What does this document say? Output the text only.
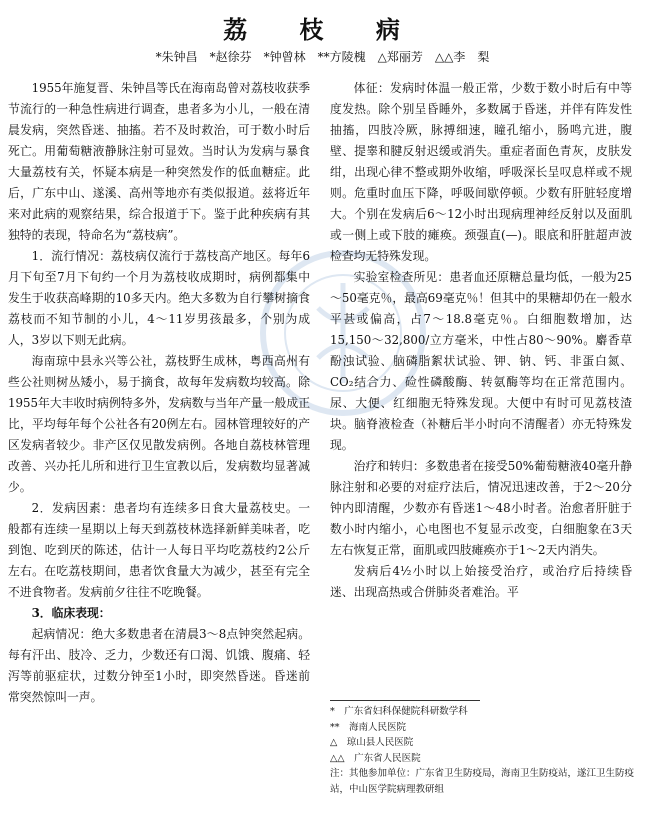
荔 枝 病
*朱钟昌　*赵徐芬　*钟曾林　**方陵槐　△郑丽芳　△△李　梨

1955年施复晋、朱钟昌等氏在海南岛曾对荔枝收获季节流行的一种急性病进行调查，患者多为小儿，一般在清晨发病，突然昏迷、抽搐。若不及时救治，可于数小时后死亡。用葡萄糖液静脉注射可显效。当时认为发病与暴食大量荔枝有关，怀疑本病是一种突然发作的低血糖症。此后，广东中山、遂溪、高州等地亦有类似报道。兹将近年来对此病的观察结果，综合报道于下。鉴于此种疾病有其独特的表现，特命名为“荔枝病”。

1．流行情况：荔枝病仅流行于荔枝高产地区。每年6月下旬至7月下旬约一个月为荔枝收成期时，病例都集中发生于收获高峰期的10多天内。绝大多数为自行攀树摘食荔枝而不知节制的小儿，4～11岁男孩最多，个别为成人，3岁以下则无此病。

海南琼中县永兴等公社，荔枝野生成林，粤西高州有些公社则树丛矮小，易于摘食，故每年发病数均较高。除1955年大丰收时病例特多外，发病数与当年产量一般成正比，平均每年每个公社各有20例左右。园林管理较好的产区发病者较少。非产区仅见散发病例。各地自荔枝林管理改善、兴办托儿所和进行卫生宣教以后，发病数均显著减少。

2．发病因素：患者均有连续多日食大量荔枝史。一般都有连续一星期以上每天到荔枝林选择新鲜美味者，吃到饱、吃到厌的陈述，估计一人每日平均吃荔枝约2公斤左右。在吃荔枝期间，患者饮食量大为减少，甚至有完全不进食物者。发病前夕往往不吃晚餐。

3．临床表现：

起病情况：绝大多数患者在清晨3～8点钟突然起病。每有汗出、肢冷、乏力，少数还有口渴、饥饿、腹痛、轻泻等前驱症状，过数分钟至1小时，即突然昏迷。昏迷前常突然惊叫一声。

体征：发病时体温一般正常，少数于数小时后有中等度发热。除个别呈昏睡外，多数属于昏迷，并伴有阵发性抽搐，四肢冷厥，脉搏细速，瞳孔缩小，肠鸣亢进，腹壁、提睾和腱反射迟缓或消失。重症者面色青灰，皮肤发绀，出现心律不整或期外收缩，呼吸深长呈叹息样或不规则。危重时血压下降，呼吸间歇停顿。少数有肝脏轻度增大。个别在发病后6～12小时出现病理神经反射以及面肌或一侧上或下肢的瘫痪。颈强直(—)。眼底和肝脏超声波检查均无特殊发现。

实验室检查所见：患者血还原糖总量均低，一般为25～50毫克％，最高69毫克％！但其中的果糖却仍在一般水平甚或偏高，占7～18.8毫克％。白细胞数增加，达15,150～32,800/立方毫米，中性占80～90%。麝香草酚浊试验、脑磷脂絮状试验、钾、钠、钙、非蛋白氮、CO₂结合力、硷性磷酸酶、转氨酶等均在正常范围内。尿、大便、红细胞无特殊发现。大便中有时可见荔枝渣块。脑脊液检查（补糖后半小时向不清醒者）亦无特殊发现。

治疗和转归：多数患者在接受50%葡萄糖液40毫升静脉注射和必要的对症疗法后，情况迅速改善，于2～20分钟内即清醒，少数亦有昏迷1～48小时者。治愈者肝脏于数小时内缩小，心电图也不复显示改变，白细胞象在3天左右恢复正常，面肌或四肢瘫痪亦于1～2天内消失。

发病后4½小时以上始接受治疗，或治疗后持续昏迷、出现高热或合併肺炎者难治。平

*　广东省妇科保健院科研数学科
**　海南人民医院
△　琼山县人民医院
△△　广东省人民医院
注：其他参加单位：广东省卫生防疫局，海南卫生防疫站，遂江卫生防疫站，中山医学院病理教研组
